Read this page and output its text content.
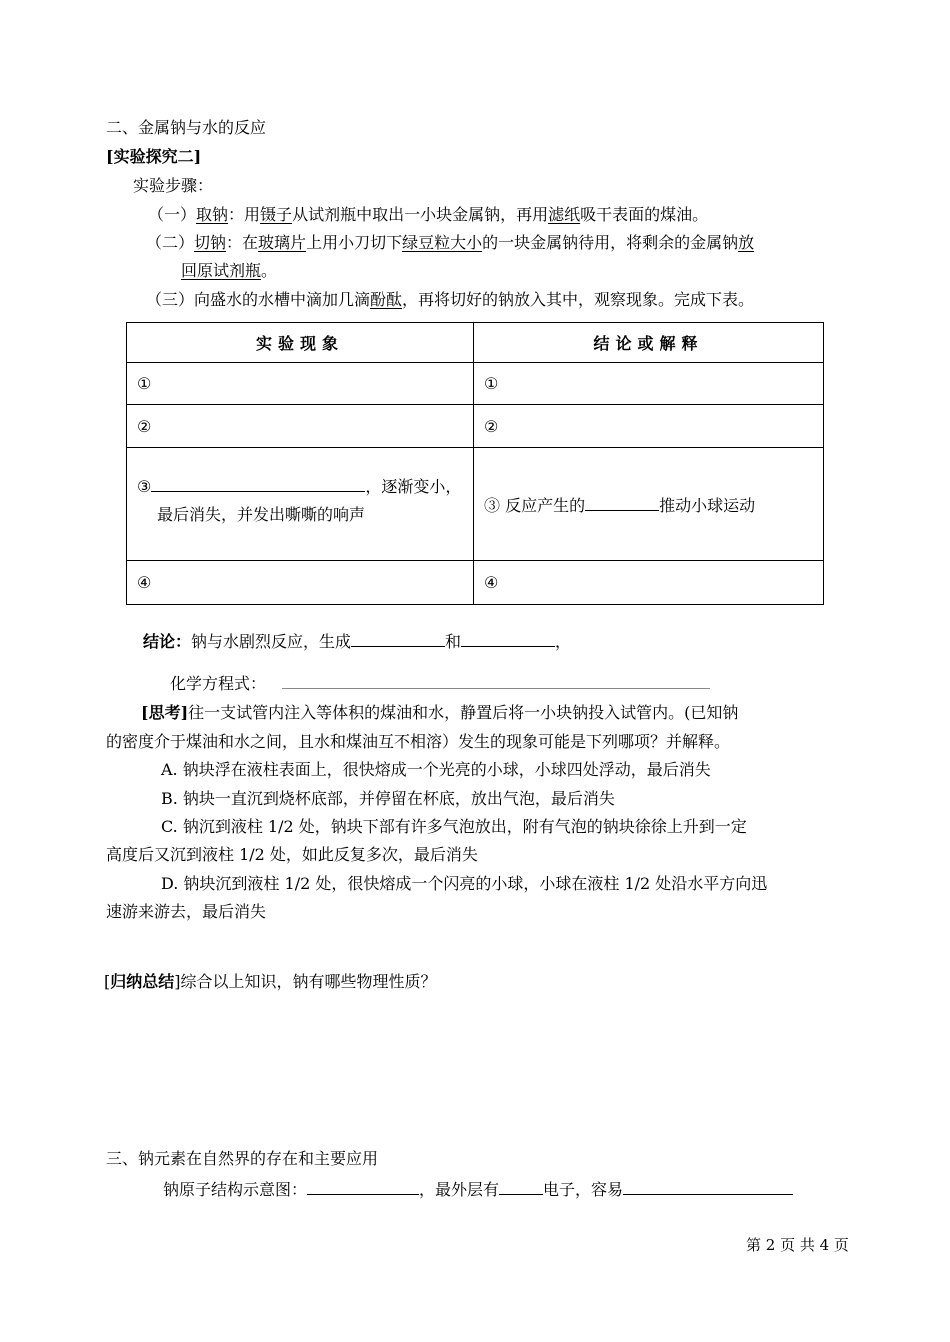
二、金属钠与水的反应
[实验探究二]
实验步骤：
（一）取钠：用镊子从试剂瓶中取出一小块金属钠，再用滤纸吸干表面的煤油。
（二）切钠：在玻璃片上用小刀切下绿豆粒大小的一块金属钠待用，将剩余的金属钠放
回原试剂瓶。
（三）向盛水的水槽中滴加几滴酚酞，再将切好的钠放入其中，观察现象。完成下表。
实验现象	结论或解释
①	①
②	②

③ ，逐渐变小，
最后消失，并发出嘶嘶的响声	③ 反应产生的 推动小球运动
④	④
结论：钠与水剧烈反应，生成	和	，
化学方程式：
[思考]往一支试管内注入等体积的煤油和水，静置后将一小块钠投入试管内。(已知钠
的密度介于煤油和水之间，且水和煤油互不相溶）发生的现象可能是下列哪项？并解释。
A. 钠块浮在液柱表面上，很快熔成一个光亮的小球，小球四处浮动，最后消失
B. 钠块一直沉到烧杯底部，并停留在杯底，放出气泡，最后消失
C. 钠沉到液柱 1/2 处，钠块下部有许多气泡放出，附有气泡的钠块徐徐上升到一定
高度后又沉到液柱 1/2 处，如此反复多次，最后消失
D. 钠块沉到液柱 1/2 处，很快熔成一个闪亮的小球，小球在液柱 1/2 处沿水平方向迅
速游来游去，最后消失
[归纳总结]综合以上知识，钠有哪些物理性质？
三、钠元素在自然界的存在和主要应用
钠原子结构示意图：	，最外层有	电子，容易
第 2 页 共 4 页
